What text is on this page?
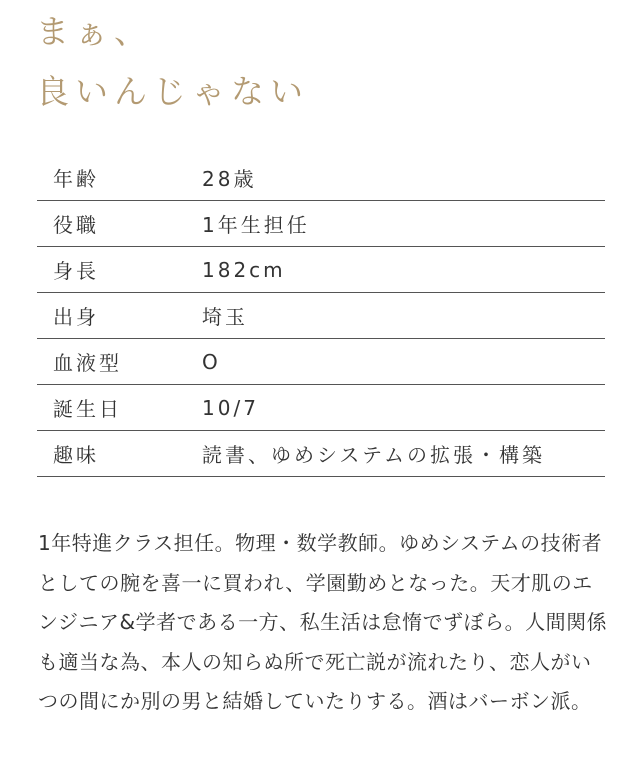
まぁ、
良いんじゃない
年齢	28歳
役職	1年生担任
身長	182cm
出身	埼玉
血液型	O
誕生日	10/7
趣味	読書、ゆめシステムの拡張・構築

1年特進クラス担任。物理・数学教師。ゆめシステムの技術者としての腕を喜一に買われ、学園勤めとなった。天才肌のエンジニア&学者である一方、私生活は怠惰でずぼら。人間関係も適当な為、本人の知らぬ所で死亡説が流れたり、恋人がいつの間にか別の男と結婚していたりする。酒はバーボン派。
